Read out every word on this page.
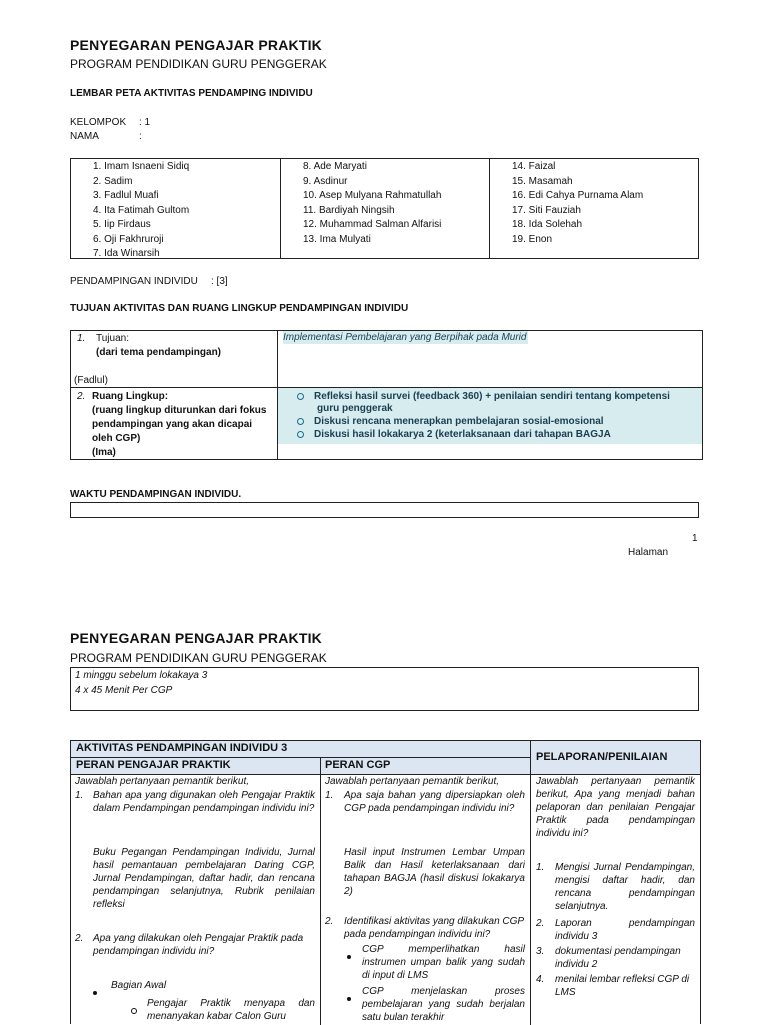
PENYEGARAN PENGAJAR PRAKTIK
PROGRAM PENDIDIKAN GURU PENGGERAK
LEMBAR PETA AKTIVITAS PENDAMPING INDIVIDU
KELOMPOK : 1
NAMA	:
1. Imam Isnaeni Sidiq
2. Sadim
3. Fadlul Muafi
4. Ita Fatimah Gultom
5. Iip Firdaus
6. Oji Fakhruroji
7. Ida Winarsih
8. Ade Maryati
9. Asdinur
10. Asep Mulyana Rahmatullah
11. Bardiyah Ningsih
12. Muhammad Salman Alfarisi
13. Ima Mulyati
14. Faizal
15. Masamah
16. Edi Cahya Purnama Alam
17. Siti Fauziah
18. Ida Solehah
19. Enon
PENDAMPINGAN INDIVIDU : [3]
TUJUAN AKTIVITAS DAN RUANG LINGKUP PENDAMPINGAN INDIVIDU
1. Tujuan:
(dari tema pendampingan)
(Fadlul)
Implementasi Pembelajaran yang Berpihak pada Murid
2. Ruang Lingkup:
(ruang lingkup diturunkan dari fokus
pendampingan yang akan dicapai
oleh CGP)
(Ima)
Refleksi hasil survei (feedback 360) + penilaian sendiri tentang kompetensi
guru penggerak
Diskusi rencana menerapkan pembelajaran sosial-emosional
Diskusi hasil lokakarya 2 (keterlaksanaan dari tahapan BAGJA
WAKTU PENDAMPINGAN INDIVIDU.
1
Halaman
PENYEGARAN PENGAJAR PRAKTIK
PROGRAM PENDIDIKAN GURU PENGGERAK
1 minggu sebelum lokakaya 3
4 x 45 Menit Per CGP
AKTIVITAS PENDAMPINGAN INDIVIDU 3
PERAN PENGAJAR PRAKTIK	PERAN CGP
PELAPORAN/PENILAIAN
Jawablah pertanyaan pemantik berikut,
1. Bahan apa yang digunakan oleh Pengajar Praktik dalam Pendampingan pendampingan individu ini?
Buku Pegangan Pendampingan Individu, Jurnal hasil pemantauan pembelajaran Daring CGP, Jurnal Pendampingan, daftar hadir, dan rencana pendampingan selanjutnya, Rubrik penilaian refleksi
2. Apa yang dilakukan oleh Pengajar Praktik pada pendampingan individu ini?
Bagian Awal
Pengajar Praktik menyapa dan menanyakan kabar Calon Guru
Jawablah pertanyaan pemantik berikut,
1. Apa saja bahan yang dipersiapkan oleh CGP pada pendampingan individu ini?
Hasil input Instrumen Lembar Umpan Balik dan Hasil keterlaksanaan dari tahapan BAGJA (hasil diskusi lokakarya 2)
2. Identifikasi aktivitas yang dilakukan CGP pada pendampingan individu ini?
CGP memperlihatkan hasil instrumen umpan balik yang sudah di input di LMS
CGP menjelaskan proses pembelajaran yang sudah berjalan satu bulan terakhir
Jawablah pertanyaan pemantik berikut, Apa yang menjadi bahan pelaporan dan penilaian Pengajar Praktik pada pendampingan individu ini?
1. Mengisi Jurnal Pendampingan, mengisi daftar hadir, dan rencana pendampingan selanjutnya.
2. Laporan pendampingan individu 3
3. dokumentasi pendampingan individu 2
4. menilai lembar refleksi CGP di LMS
